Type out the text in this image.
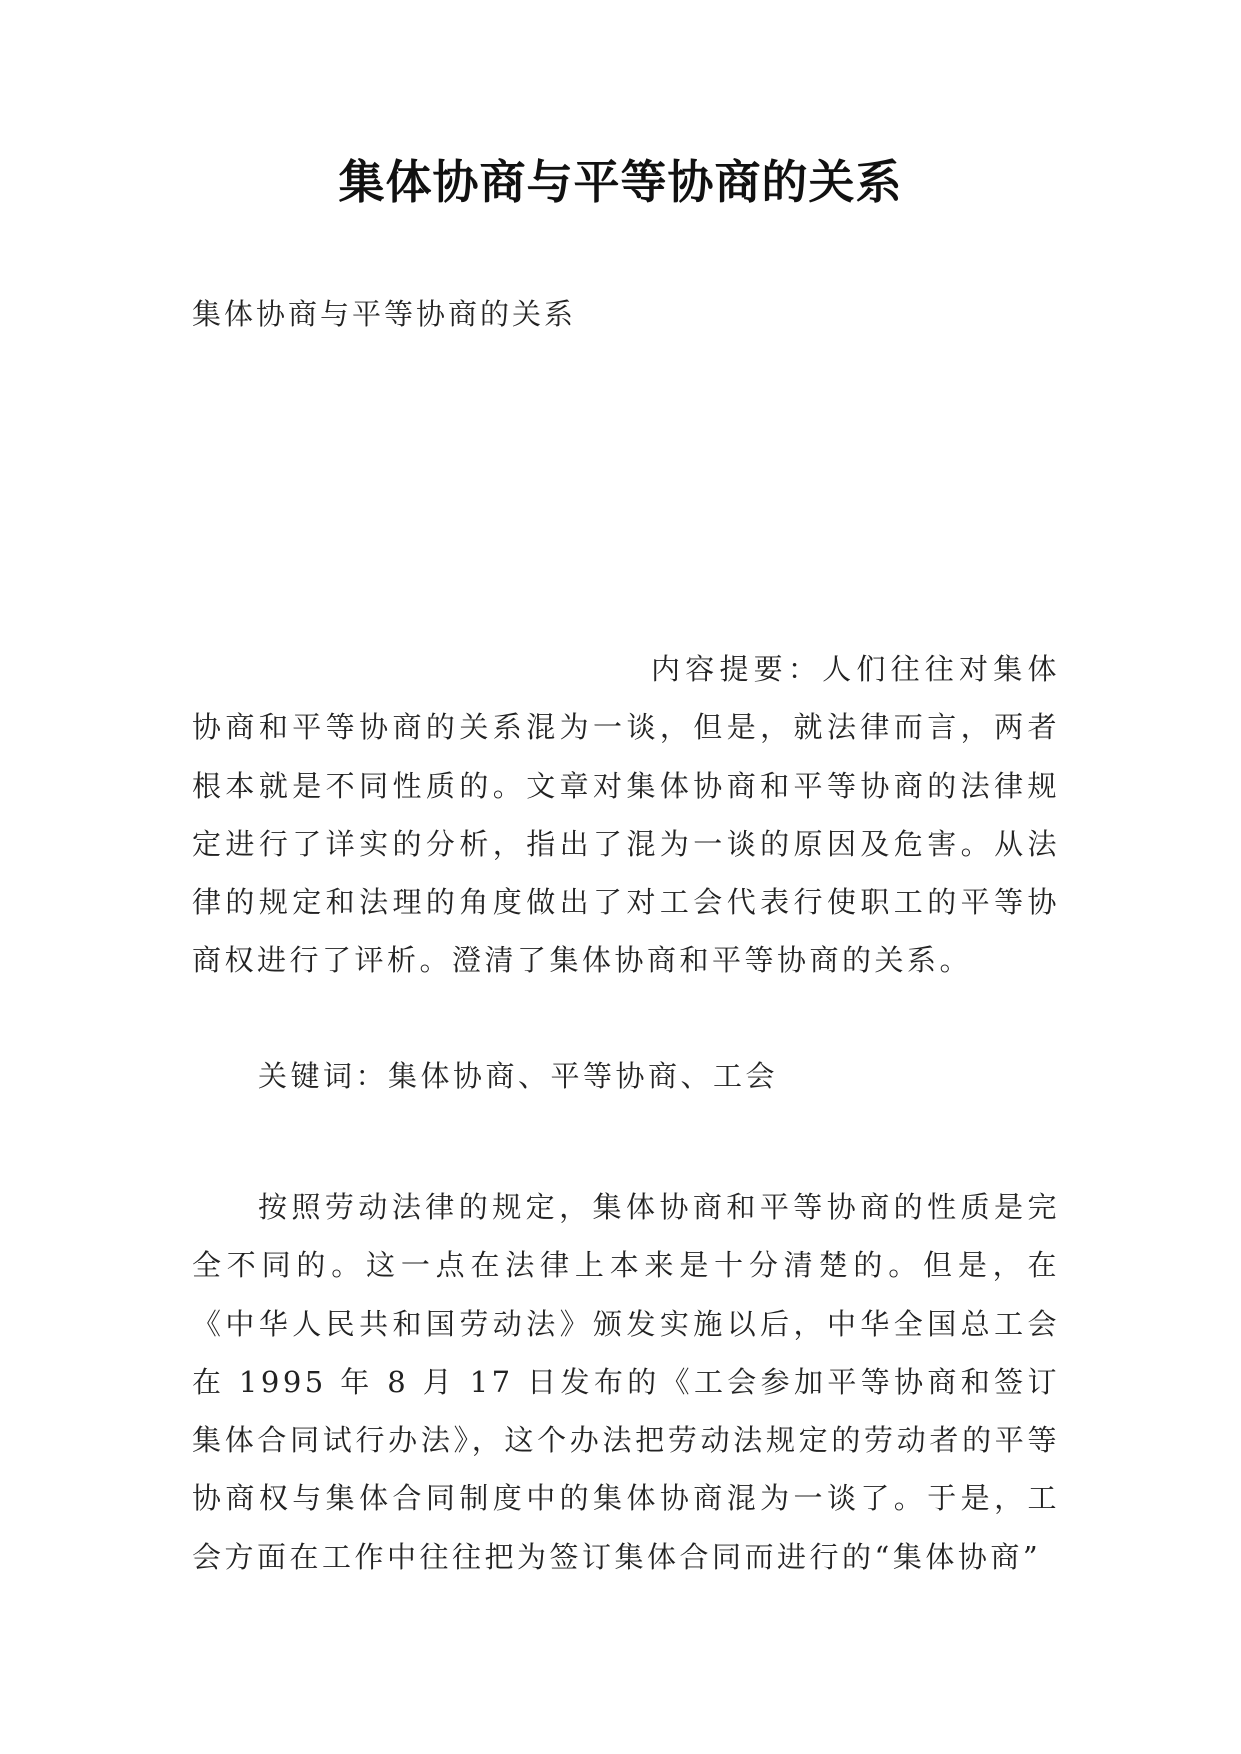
集体协商与平等协商的关系

集体协商与平等协商的关系

内容提要：人们往往对集体协商和平等协商的关系混为一谈，但是，就法律而言，两者根本就是不同性质的。文章对集体协商和平等协商的法律规定进行了详实的分析，指出了混为一谈的原因及危害。从法律的规定和法理的角度做出了对工会代表行使职工的平等协商权进行了评析。澄清了集体协商和平等协商的关系。

关键词：集体协商、平等协商、工会

按照劳动法律的规定，集体协商和平等协商的性质是完全不同的。这一点在法律上本来是十分清楚的。但是，在《中华人民共和国劳动法》颁发实施以后，中华全国总工会在 1995 年 8 月 17 日发布的《工会参加平等协商和签订集体合同试行办法》，这个办法把劳动法规定的劳动者的平等协商权与集体合同制度中的集体协商混为一谈了。于是，工会方面在工作中往往把为签订集体合同而进行的“集体协商”
